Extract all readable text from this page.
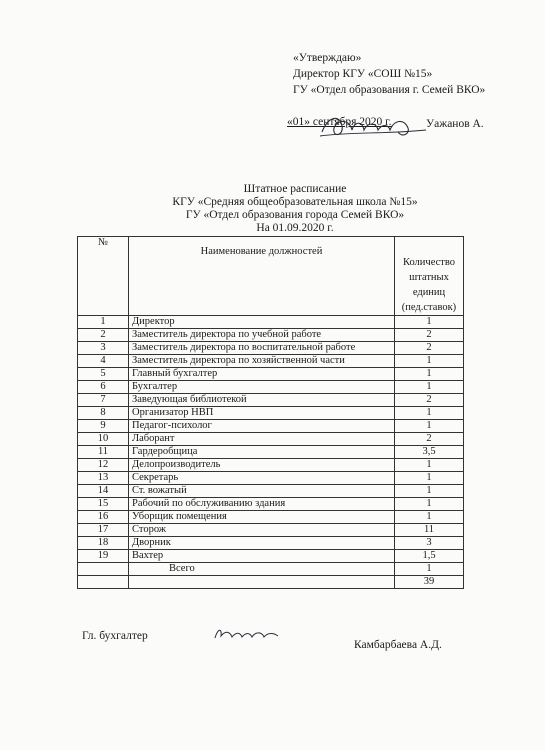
«Утверждаю»
Директор КГУ «СОШ №15»
ГУ «Отдел образования г. Семей ВКО»
«01» сентября 2020 г.	Уажанов А.
Штатное расписание
КГУ «Средняя общеобразовательная школа №15»
ГУ «Отдел образования города Семей ВКО»
На 01.09.2020 г.
№	Наименование должностей	Количество штатных единиц (пед.ставок)
1	Директор	1
2	Заместитель директора по учебной работе	2
3	Заместитель директора по воспитательной работе	2
4	Заместитель директора по хозяйственной части	1
5	Главный бухгалтер	1
6	Бухгалтер	1
7	Заведующая библиотекой	2
8	Организатор НВП	1
9	Педагог-психолог	1
10	Лаборант	2
11	Гардеробщица	3,5
12	Делопроизводитель	1
13	Секретарь	1
14	Ст. вожатый	1
15	Рабочий по обслуживанию здания	1
16	Уборщик помещения	1
17	Сторож	11
18	Дворник	3
19	Вахтер	1,5
	Всего	1
		39
Гл. бухгалтер
Камбарбаева А.Д.
